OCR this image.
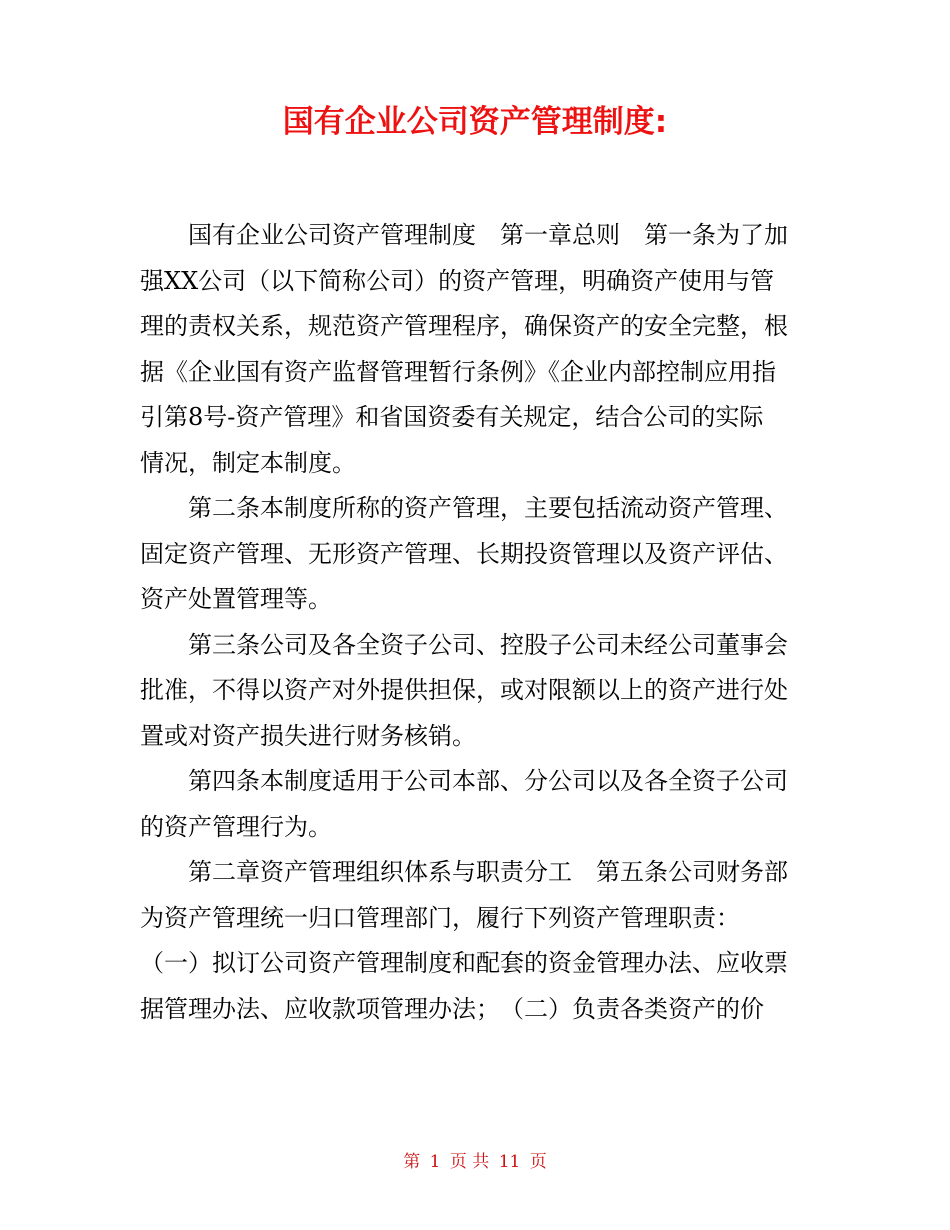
国有企业公司资产管理制度:

国有企业公司资产管理制度　第一章总则　第一条为了加
强XX公司（以下简称公司）的资产管理，明确资产使用与管
理的责权关系，规范资产管理程序，确保资产的安全完整，根
据《企业国有资产监督管理暂行条例》《企业内部控制应用指
引第8号-资产管理》和省国资委有关规定，结合公司的实际
情况，制定本制度。

第二条本制度所称的资产管理，主要包括流动资产管理、
固定资产管理、无形资产管理、长期投资管理以及资产评估、
资产处置管理等。

第三条公司及各全资子公司、控股子公司未经公司董事会
批准，不得以资产对外提供担保，或对限额以上的资产进行处
置或对资产损失进行财务核销。

第四条本制度适用于公司本部、分公司以及各全资子公司
的资产管理行为。

第二章资产管理组织体系与职责分工　第五条公司财务部
为资产管理统一归口管理部门，履行下列资产管理职责：
（一）拟订公司资产管理制度和配套的资金管理办法、应收票
据管理办法、应收款项管理办法；　（二）负责各类资产的价

第 1 页 共 11 页
